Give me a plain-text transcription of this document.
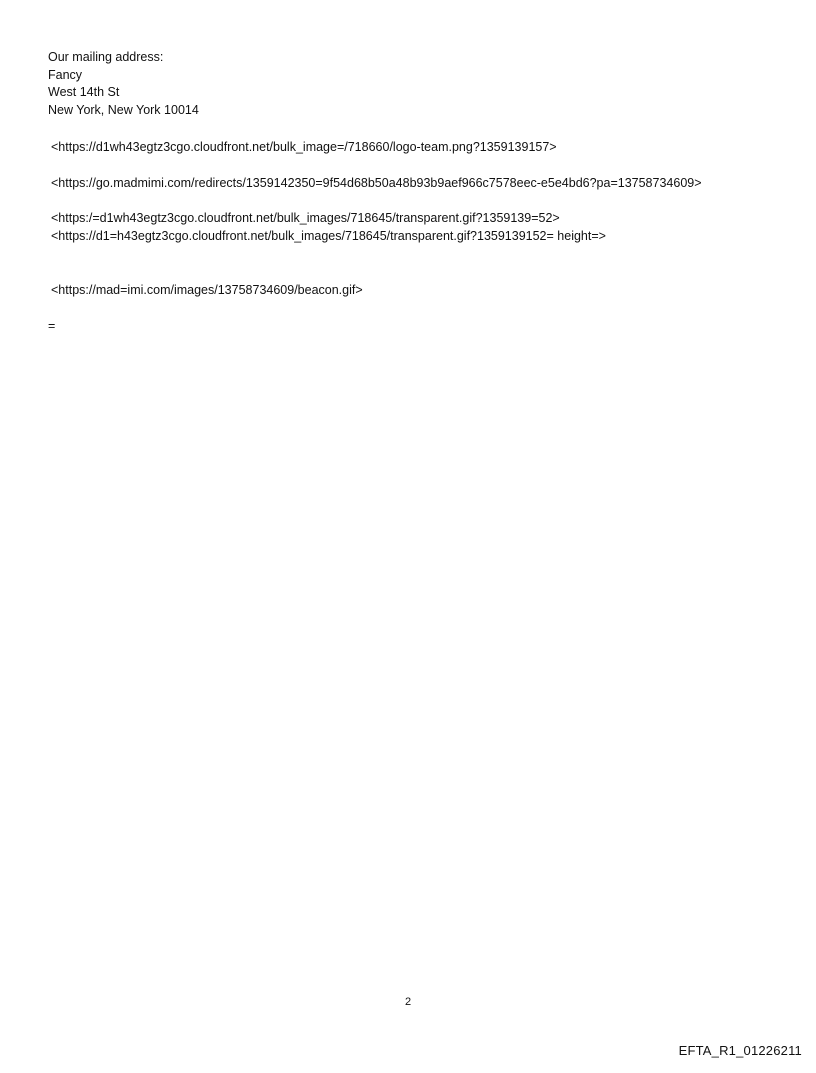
Our mailing address:
Fancy
West 14th St
New York, New York 10014
<https://d1wh43egtz3cgo.cloudfront.net/bulk_image=/718660/logo-team.png?1359139157>
<https://go.madmimi.com/redirects/1359142350=9f54d68b50a48b93b9aef966c7578eec-e5e4bd6?pa=13758734609>
<https:/=d1wh43egtz3cgo.cloudfront.net/bulk_images/718645/transparent.gif?1359139=52>
<https://d1=h43egtz3cgo.cloudfront.net/bulk_images/718645/transparent.gif?1359139152= height=>
<https://mad=imi.com/images/13758734609/beacon.gif>
=
2
EFTA_R1_01226211
